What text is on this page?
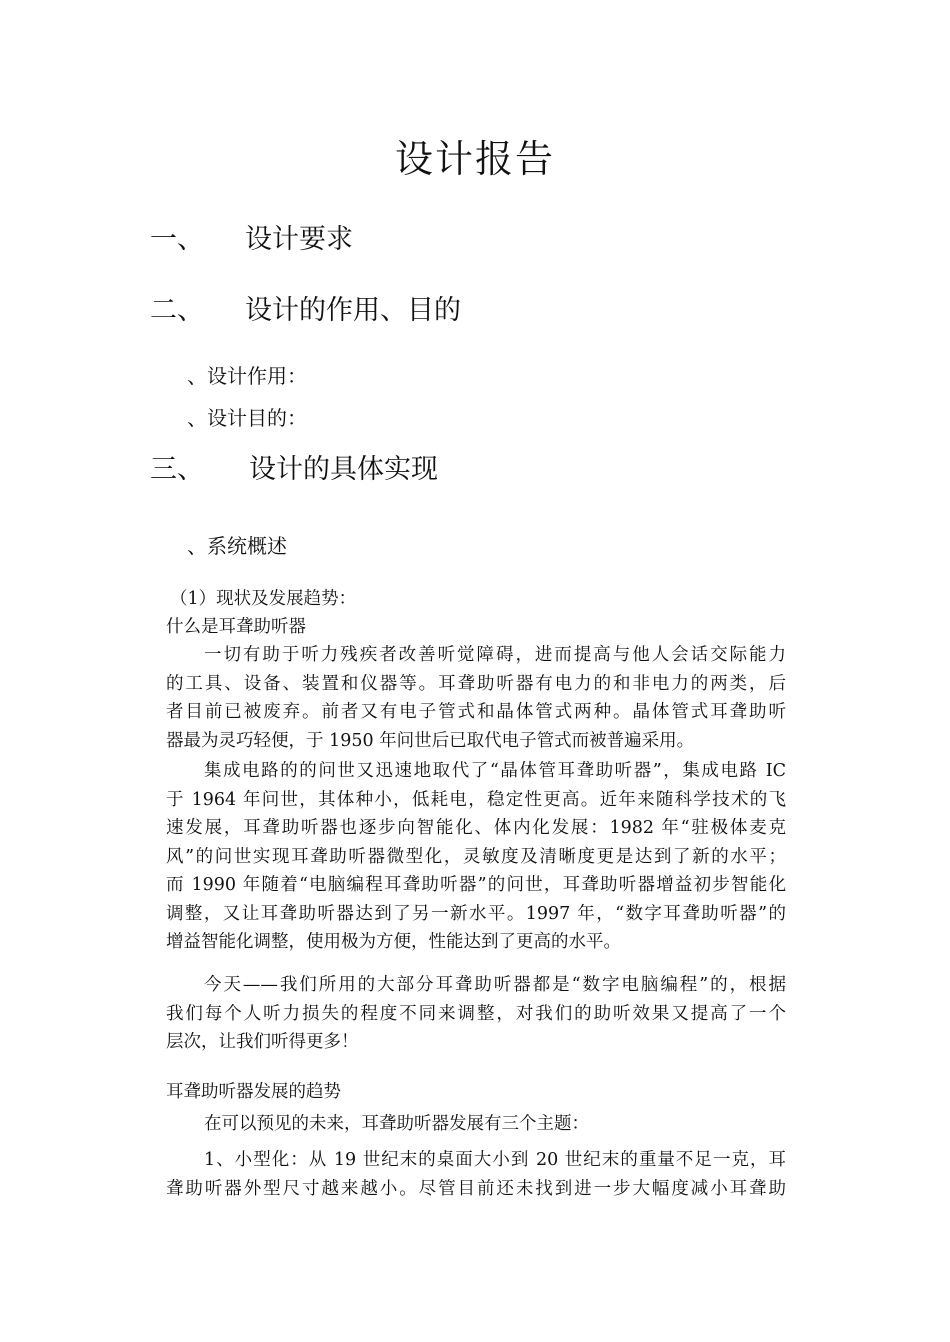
设计报告
一、 设计要求
二、 设计的作用、目的
、设计作用：
、设计目的：
三、 设计的具体实现
、系统概述
（1）现状及发展趋势：
什么是耳聋助听器
一切有助于听力残疾者改善听觉障碍，进而提高与他人会话交际能力
的工具、设备、装置和仪器等。耳聋助听器有电力的和非电力的两类，后
者目前已被废弃。前者又有电子管式和晶体管式两种。晶体管式耳聋助听
器最为灵巧轻便，于 1950 年问世后已取代电子管式而被普遍采用。
集成电路的的问世又迅速地取代了“晶体管耳聋助听器”，集成电路 IC
于 1964 年问世，其体种小，低耗电，稳定性更高。近年来随科学技术的飞
速发展，耳聋助听器也逐步向智能化、体内化发展：1982 年“驻极体麦克
风”的问世实现耳聋助听器微型化，灵敏度及清晰度更是达到了新的水平；
而 1990 年随着“电脑编程耳聋助听器”的问世，耳聋助听器增益初步智能化
调整，又让耳聋助听器达到了另一新水平。1997 年，“数字耳聋助听器”的
增益智能化调整，使用极为方便，性能达到了更高的水平。
今天——我们所用的大部分耳聋助听器都是“数字电脑编程”的，根据
我们每个人听力损失的程度不同来调整，对我们的助听效果又提高了一个
层次，让我们听得更多！
耳聋助听器发展的趋势
在可以预见的未来，耳聋助听器发展有三个主题：
1、小型化：从 19 世纪末的桌面大小到 20 世纪末的重量不足一克，耳
聋助听器外型尺寸越来越小。尽管目前还未找到进一步大幅度减小耳聋助
